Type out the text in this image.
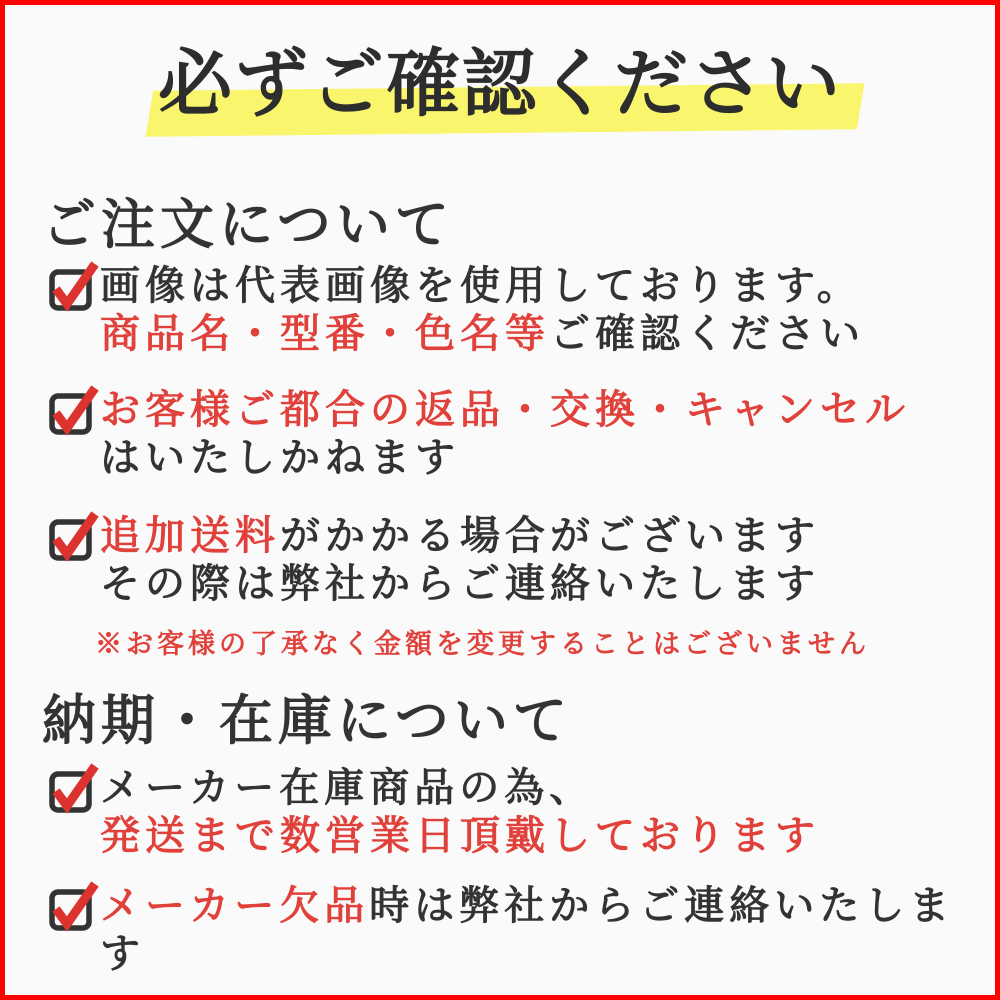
必ずご確認ください
ご注文について
画像は代表画像を使用しております。
商品名・型番・色名等ご確認ください
お客様ご都合の返品・交換・キャンセル
はいたしかねます
追加送料がかかる場合がございます
その際は弊社からご連絡いたします

※お客様の了承なく金額を変更することはございません

納期・在庫について
メーカー在庫商品の為、
発送まで数営業日頂戴しております
メーカー欠品時は弊社からご連絡いたします
